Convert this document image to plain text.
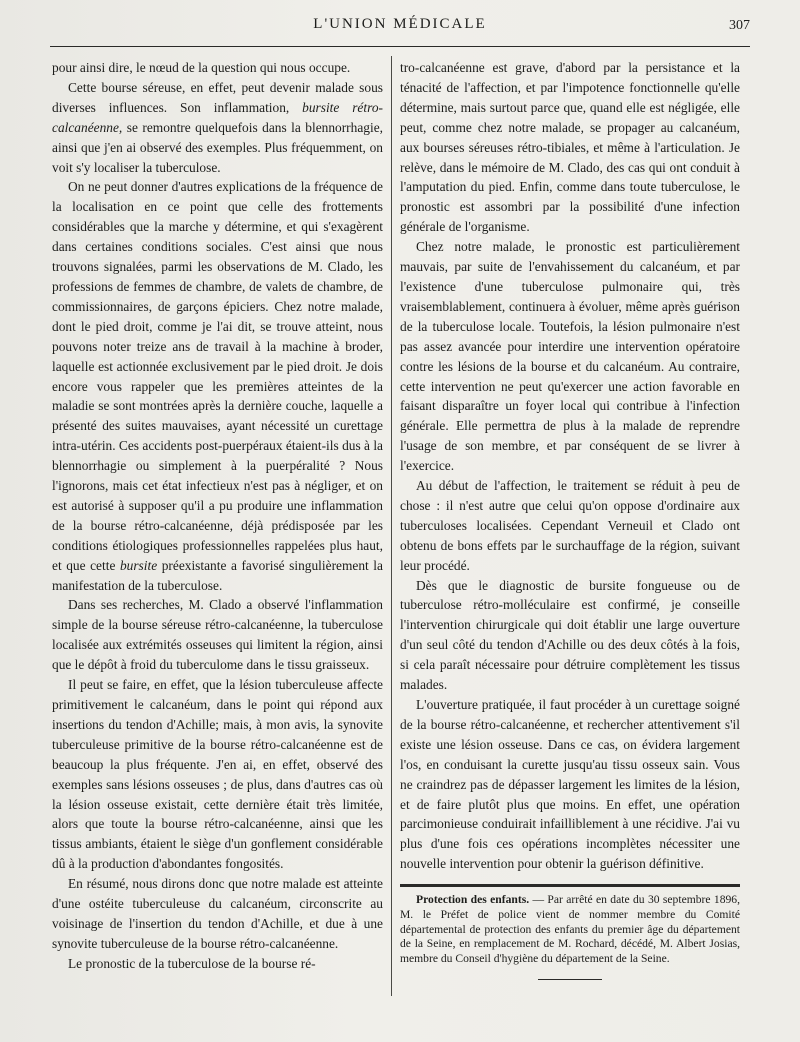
L'UNION MÉDICALE	307

pour ainsi dire, le nœud de la question qui nous occupe.

Cette bourse séreuse, en effet, peut devenir malade sous diverses influences. Son inflammation, bursite rétro-calcanéenne, se remontre quelquefois dans la blennorrhagie, ainsi que j'en ai observé des exemples. Plus fréquemment, on voit s'y localiser la tuberculose.

On ne peut donner d'autres explications de la fréquence de la localisation en ce point que celle des frottements considérables que la marche y détermine, et qui s'exagèrent dans certaines conditions sociales. C'est ainsi que nous trouvons signalées, parmi les observations de M. Clado, les professions de femmes de chambre, de valets de chambre, de commissionnaires, de garçons épiciers. Chez notre malade, dont le pied droit, comme je l'ai dit, se trouve atteint, nous pouvons noter treize ans de travail à la machine à broder, laquelle est actionnée exclusivement par le pied droit. Je dois encore vous rappeler que les premières atteintes de la maladie se sont montrées après la dernière couche, laquelle a présenté des suites mauvaises, ayant nécessité un curettage intra-utérin. Ces accidents post-puerpéraux étaient-ils dus à la blennorrhagie ou simplement à la puerpéralité ? Nous l'ignorons, mais cet état infectieux n'est pas à négliger, et on est autorisé à supposer qu'il a pu produire une inflammation de la bourse rétro-calcanéenne, déjà prédisposée par les conditions étiologiques professionnelles rappelées plus haut, et que cette bursite préexistante a favorisé singulièrement la manifestation de la tuberculose.

Dans ses recherches, M. Clado a observé l'inflammation simple de la bourse séreuse rétro-calcanéenne, la tuberculose localisée aux extrémités osseuses qui limitent la région, ainsi que le dépôt à froid du tuberculome dans le tissu graisseux.

Il peut se faire, en effet, que la lésion tuberculeuse affecte primitivement le calcanéum, dans le point qui répond aux insertions du tendon d'Achille; mais, à mon avis, la synovite tuberculeuse primitive de la bourse rétro-calcanéenne est de beaucoup la plus fréquente. J'en ai, en effet, observé des exemples sans lésions osseuses ; de plus, dans d'autres cas où la lésion osseuse existait, cette dernière était très limitée, alors que toute la bourse rétro-calcanéenne, ainsi que les tissus ambiants, étaient le siège d'un gonflement considérable dû à la production d'abondantes fongosités.

En résumé, nous dirons donc que notre malade est atteinte d'une ostéite tuberculeuse du calcanéum, circonscrite au voisinage de l'insertion du tendon d'Achille, et due à une synovite tuberculeuse de la bourse rétro-calcanéenne.

Le pronostic de la tuberculose de la bourse ré-

tro-calcanéenne est grave, d'abord par la persistance et la ténacité de l'affection, et par l'impotence fonctionnelle qu'elle détermine, mais surtout parce que, quand elle est négligée, elle peut, comme chez notre malade, se propager au calcanéum, aux bourses séreuses rétro-tibiales, et même à l'articulation. Je relève, dans le mémoire de M. Clado, des cas qui ont conduit à l'amputation du pied. Enfin, comme dans toute tuberculose, le pronostic est assombri par la possibilité d'une infection générale de l'organisme.

Chez notre malade, le pronostic est particulièrement mauvais, par suite de l'envahissement du calcanéum, et par l'existence d'une tuberculose pulmonaire qui, très vraisemblablement, continuera à évoluer, même après guérison de la tuberculose locale. Toutefois, la lésion pulmonaire n'est pas assez avancée pour interdire une intervention opératoire contre les lésions de la bourse et du calcanéum. Au contraire, cette intervention ne peut qu'exercer une action favorable en faisant disparaître un foyer local qui contribue à l'infection générale. Elle permettra de plus à la malade de reprendre l'usage de son membre, et par conséquent de se livrer à l'exercice.

Au début de l'affection, le traitement se réduit à peu de chose : il n'est autre que celui qu'on oppose d'ordinaire aux tuberculoses localisées. Cependant Verneuil et Clado ont obtenu de bons effets par le surchauffage de la région, suivant leur procédé.

Dès que le diagnostic de bursite fongueuse ou de tuberculose rétro-molléculaire est confirmé, je conseille l'intervention chirurgicale qui doit établir une large ouverture d'un seul côté du tendon d'Achille ou des deux côtés à la fois, si cela paraît nécessaire pour détruire complètement les tissus malades.

L'ouverture pratiquée, il faut procéder à un curettage soigné de la bourse rétro-calcanéenne, et rechercher attentivement s'il existe une lésion osseuse. Dans ce cas, on évidera largement l'os, en conduisant la curette jusqu'au tissu osseux sain. Vous ne craindrez pas de dépasser largement les limites de la lésion, et de faire plutôt plus que moins. En effet, une opération parcimonieuse conduirait infailliblement à une récidive. J'ai vu plus d'une fois ces opérations incomplètes nécessiter une nouvelle intervention pour obtenir la guérison définitive.

Protection des enfants. — Par arrêté en date du 30 septembre 1896, M. le Préfet de police vient de nommer membre du Comité départemental de protection des enfants du premier âge du département de la Seine, en remplacement de M. Rochard, décédé, M. Albert Josias, membre du Conseil d'hygiène du département de la Seine.
